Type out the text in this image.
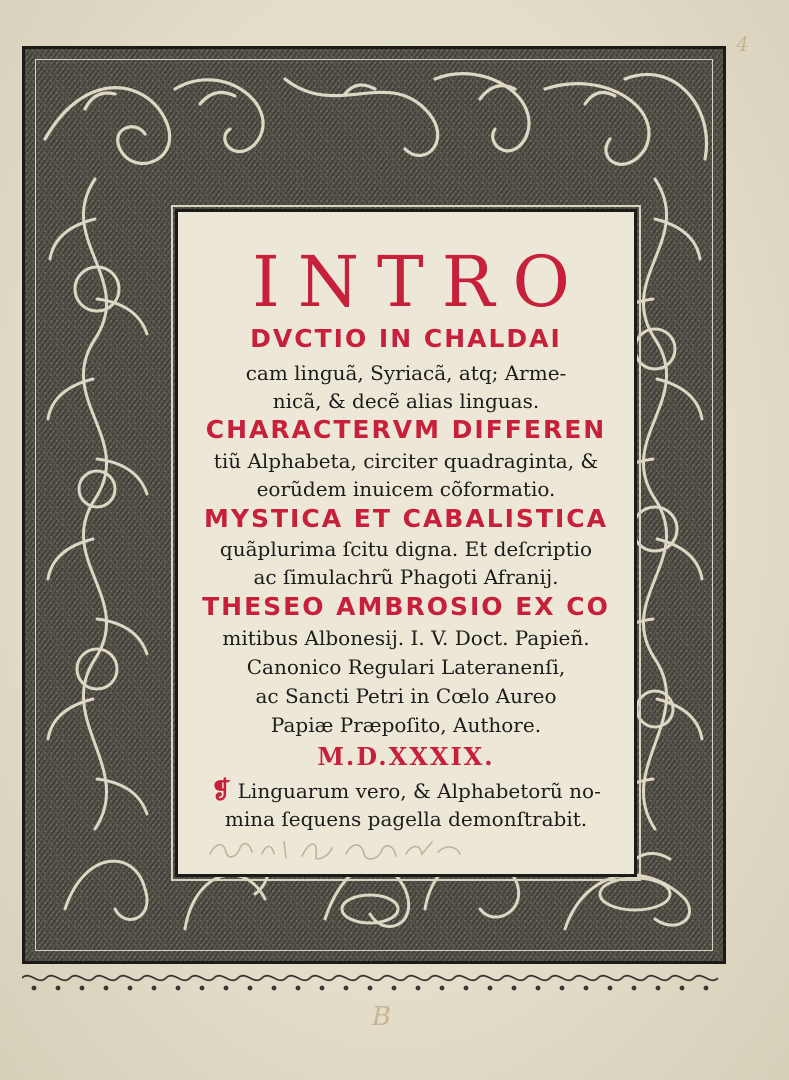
4
INTRO
DVCTIO IN CHALDAI
cam linguã, Syriacã, atq; Arme-
nicã, & decẽ alias linguas.
CHARACTERVM DIFFEREN
tiũ Alphabeta, circiter quadraginta, &
eorũdem inuicem cõformatio.
MYSTICA ET CABALISTICA
quãplurima ſcitu digna. Et deſcriptio
ac ſimulachrũ Phagoti Afranij.
THESEO AMBROSIO EX CO
mitibus Albonesij. I. V. Doct. Papieñ.
Canonico Regulari Lateranenſi,
ac Sancti Petri in Cœlo Aureo
Papiæ Præpoſito, Authore.
M.D.XXXIX.
❡ Linguarum vero, & Alphabetorũ no-
mina ſequens pagella demonſtrabit.
B
